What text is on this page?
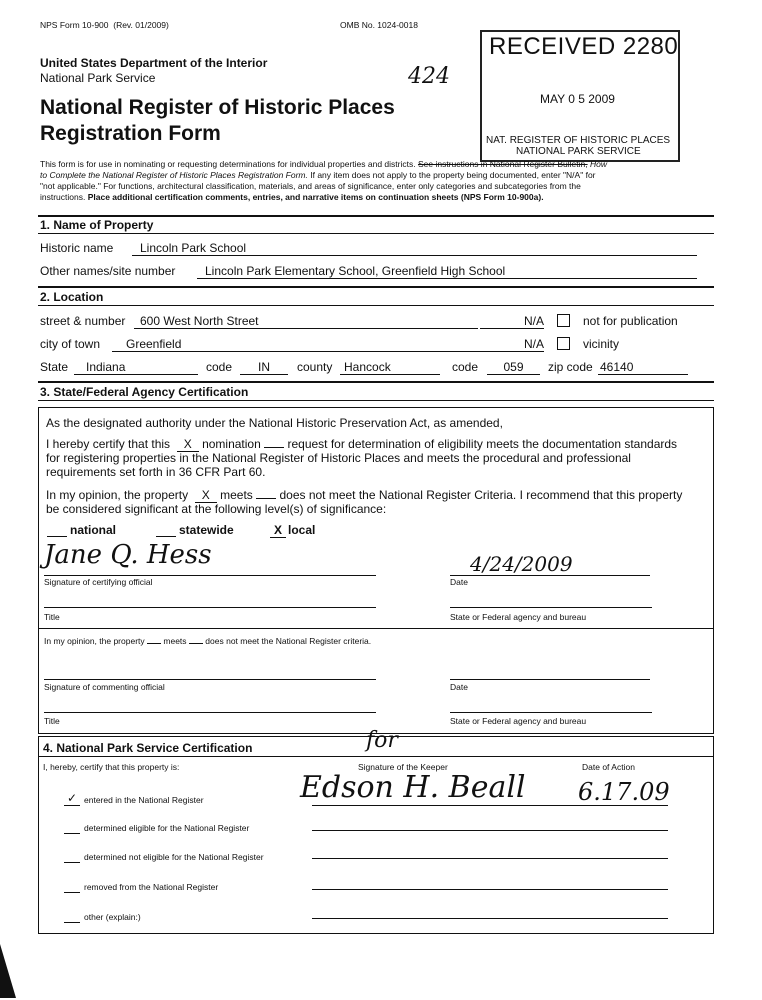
NPS Form 10-900 (Rev. 01/2009)	OMB No. 1024-0018
United States Department of the Interior
National Park Service
National Register of Historic Places
Registration Form
424
RECEIVED 2280
MAY 0 5 2009
NAT. REGISTER OF HISTORIC PLACES
NATIONAL PARK SERVICE
This form is for use in nominating or requesting determinations for individual properties and districts. See instructions in National Register Bulletin, How
to Complete the National Register of Historic Places Registration Form. If any item does not apply to the property being documented, enter "N/A" for
"not applicable." For functions, architectural classification, materials, and areas of significance, enter only categories and subcategories from the
instructions. Place additional certification comments, entries, and narrative items on continuation sheets (NPS Form 10-900a).
1. Name of Property
Historic name	Lincoln Park School
Other names/site number	Lincoln Park Elementary School, Greenfield High School
2. Location
street & number	600 West North Street	N/A	not for publication
city of town	Greenfield	N/A	vicinity
State	Indiana	code	IN	county Hancock	code	059	zip code 46140
3. State/Federal Agency Certification
As the designated authority under the National Historic Preservation Act, as amended,
I hereby certify that this X nomination request for determination of eligibility meets the documentation standards
for registering properties in the National Register of Historic Places and meets the procedural and professional
requirements set forth in 36 CFR Part 60.
In my opinion, the property X meets does not meet the National Register Criteria. I recommend that this property
be considered significant at the following level(s) of significance:
national	statewide	X local
Jane Q. Hess
Signature of certifying official
4/24/2009
Date
Title	State or Federal agency and bureau
In my opinion, the property meets does not meet the National Register criteria.
Signature of commenting official	Date
Title	State or Federal agency and bureau
4. National Park Service Certification
I, hereby, certify that this property is:	Signature of the Keeper	Date of Action
for
Edson H. Beall 6.17.09
✓ entered in the National Register
determined eligible for the National Register
determined not eligible for the National Register
removed from the National Register
other (explain:)
